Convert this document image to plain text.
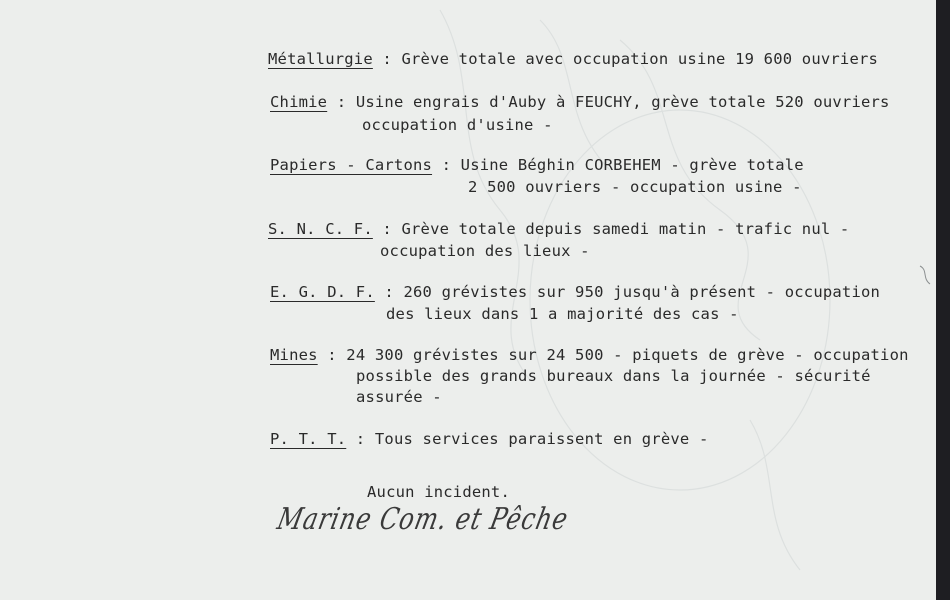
Métallurgie : Grève totale avec occupation usine 19 600 ouvriers
Chimie : Usine engrais d'Auby à FEUCHY, grève totale 520 ouvriers
occupation d'usine -
Papiers - Cartons : Usine Béghin CORBEHEM - grève totale
2 500 ouvriers - occupation usine -
S. N. C. F. : Grève totale depuis samedi matin - trafic nul -
occupation des lieux -
E. G. D. F. : 260 grévistes sur 950 jusqu'à présent - occupation
des lieux dans 1 a majorité des cas -
Mines : 24 300 grévistes sur 24 500 - piquets de grève - occupation
possible des grands bureaux dans la journée - sécurité
assurée -
P. T. T. : Tous services paraissent en grève -
Aucun incident.
Marine Com. et Pêche
